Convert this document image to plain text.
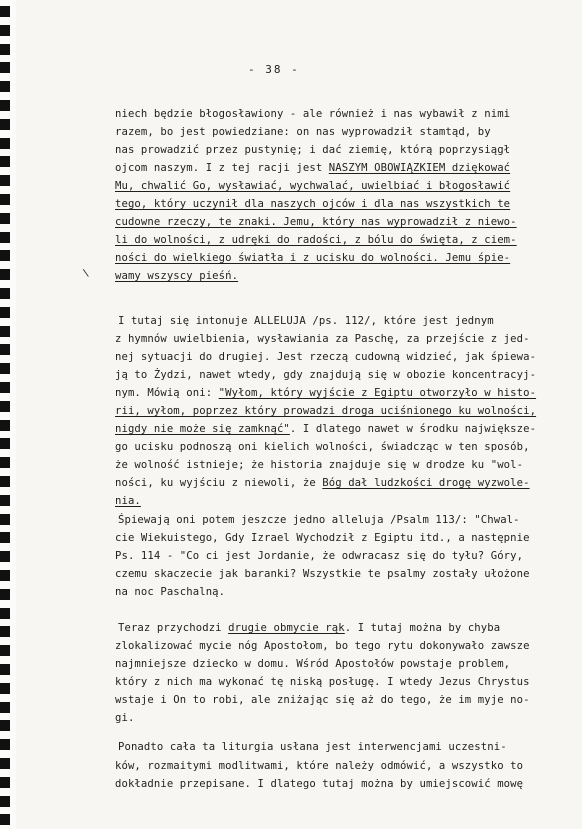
- 38 -
\
niech będzie błogosławiony - ale również i nas wybawił z nimi
razem, bo jest powiedziane: on nas wyprowadził stamtąd, by
nas prowadzić przez pustynię; i dać ziemię, którą poprzysiągł
ojcom naszym. I z tej racji jest NASZYM OBOWIĄZKIEM dziękować
Mu, chwalić Go, wysławiać, wychwalać, uwielbiać i błogosławić
tego, który uczynił dla naszych ojców i dla nas wszystkich te
cudowne rzeczy, te znaki. Jemu, który nas wyprowadził z niewo-
li do wolności, z udręki do radości, z bólu do święta, z ciem-
ności do wielkiego światła i z ucisku do wolności. Jemu śpie-
wamy wszyscy pieśń.
I tutaj się intonuje ALLELUJA /ps. 112/, które jest jednym
z hymnów uwielbienia, wysławiania za Paschę, za przejście z jed-
nej sytuacji do drugiej. Jest rzeczą cudowną widzieć, jak śpiewa-
ją to Żydzi, nawet wtedy, gdy znajdują się w obozie koncentracyj-
nym. Mówią oni: "Wyłom, który wyjście z Egiptu otworzyło w histo-
rii, wyłom, poprzez który prowadzi droga uciśnionego ku wolności,
nigdy nie może się zamknąć". I dlatego nawet w środku największe-
go ucisku podnoszą oni kielich wolności, świadcząc w ten sposób,
że wolność istnieje; że historia znajduje się w drodze ku "wol-
ności, ku wyjściu z niewoli, że Bóg dał ludzkości drogę wyzwole-
nia.
Śpiewają oni potem jeszcze jedno alleluja /Psalm 113/: "Chwal-
cie Wiekuistego, Gdy Izrael Wychodził z Egiptu itd., a następnie
Ps. 114 - "Co ci jest Jordanie, że odwracasz się do tyłu? Góry,
czemu skaczecie jak baranki? Wszystkie te psalmy zostały ułożone
na noc Paschalną.
Teraz przychodzi drugie obmycie rąk. I tutaj można by chyba
zlokalizować mycie nóg Apostołom, bo tego rytu dokonywało zawsze
najmniejsze dziecko w domu. Wśród Apostołów powstaje problem,
który z nich ma wykonać tę niską posługę. I wtedy Jezus Chrystus
wstaje i On to robi, ale zniżając się aż do tego, że im myje no-
gi.
Ponadto cała ta liturgia usłana jest interwencjami uczestni-
ków, rozmaitymi modlitwami, które należy odmówić, a wszystko to
dokładnie przepisane. I dlatego tutaj można by umiejscowić mowę
